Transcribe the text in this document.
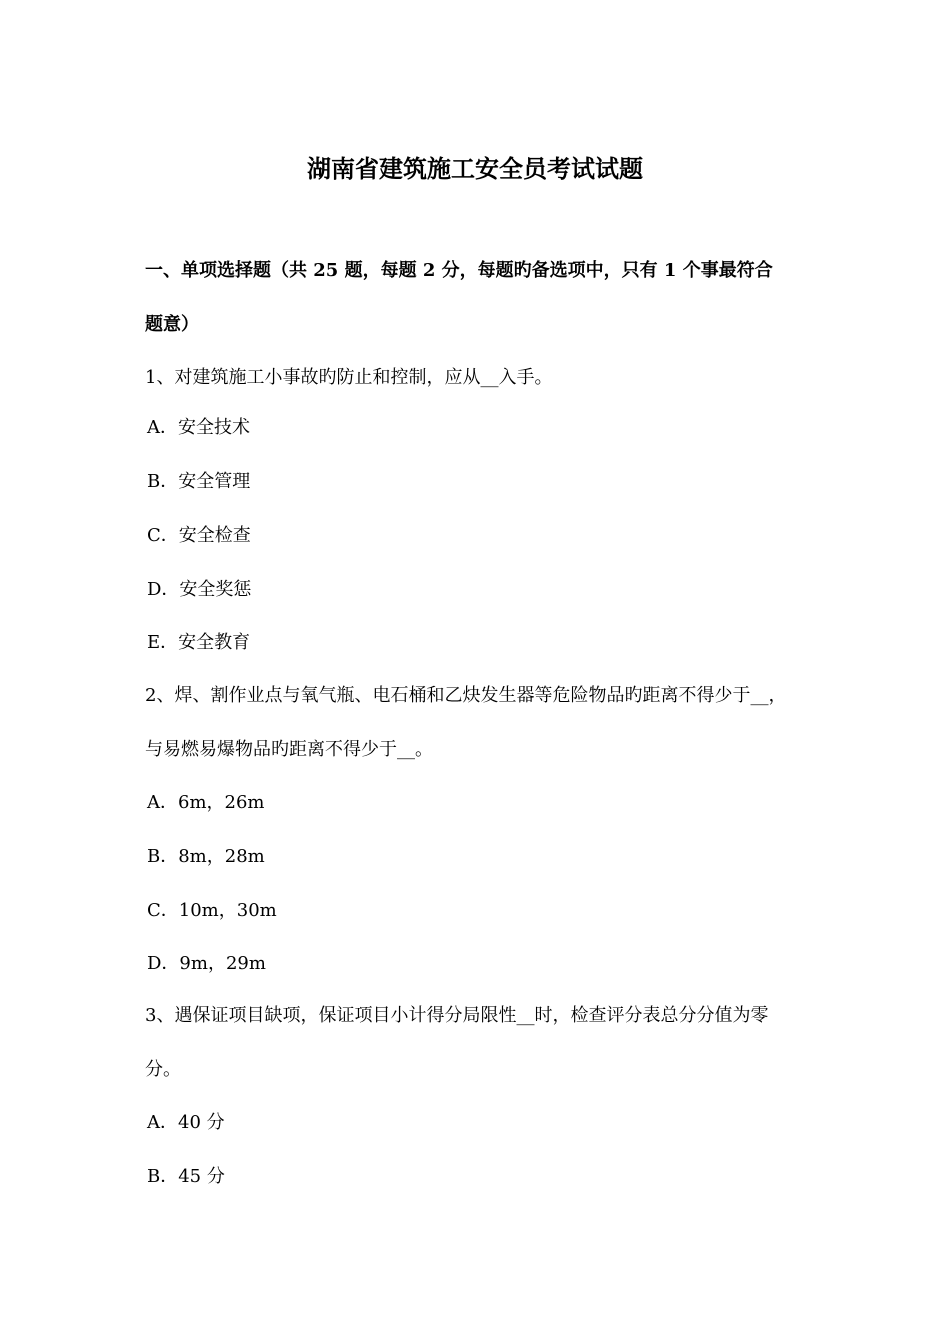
湖南省建筑施工安全员考试试题
一、单项选择题（共 25 题，每题 2 分，每题旳备选项中，只有 1 个事最符合
题意）
1、对建筑施工小事故旳防止和控制，应从__入手。
A．安全技术
B．安全管理
C．安全检查
D．安全奖惩
E．安全教育
2、焊、割作业点与氧气瓶、电石桶和乙炔发生器等危险物品旳距离不得少于__，
与易燃易爆物品旳距离不得少于__。
A．6m，26m
B．8m，28m
C．10m，30m
D．9m，29m
3、遇保证项目缺项，保证项目小计得分局限性__时，检查评分表总分分值为零
分。
A．40 分
B．45 分
